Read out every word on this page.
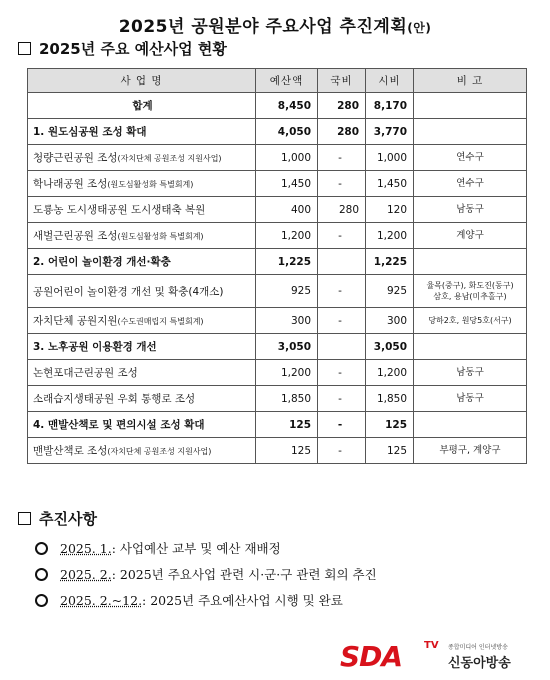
2025년 공원분야 주요사업 추진계획(안)
2025년 주요 예산사업 현황
사 업 명	예산액	국비	시비	비 고
합계	8,450	280	8,170	

1. 원도심공원 조성 확대	4,050	280	3,770	

청량근린공원 조성(자치단체 공원조성 지원사업)	1,000	-	1,000	연수구

학나래공원 조성(원도심활성화 특별회계)	1,450	-	1,450	연수구

도룡농 도시생태공원 도시생태축 복원	400	280	120	남동구

새벌근린공원 조성(원도심활성화 특별회계)	1,200	-	1,200	계양구

2. 어린이 놀이환경 개선·확충	1,225		1,225	

공원어린이 놀이환경 개선 및 확충(4개소)	925	-	925	율목(중구), 화도진(동구)
삼호, 용남(미추홀구)

자치단체 공원지원(수도권매립지 특별회계)	300	-	300	당하2호, 원당5호(서구)

3. 노후공원 이용환경 개선	3,050		3,050	

논현포대근린공원 조성	1,200	-	1,200	남동구

소래습지생태공원 우회 통행로 조성	1,850	-	1,850	남동구

4. 맨발산책로 및 편의시설 조성 확대	125	-	125	

맨발산책로 조성(자치단체 공원조성 지원사업)	125	-	125	부평구, 계양구
추진사항
2025. 1. : 사업예산 교부 및 예산 재배정
2025. 2. : 2025년 주요사업 관련 시·군·구 관련 회의 추진
2025. 2.~12. : 2025년 주요예산사업 시행 및 완료
SDA TV 종합미디어 인터넷방송
신동아방송
